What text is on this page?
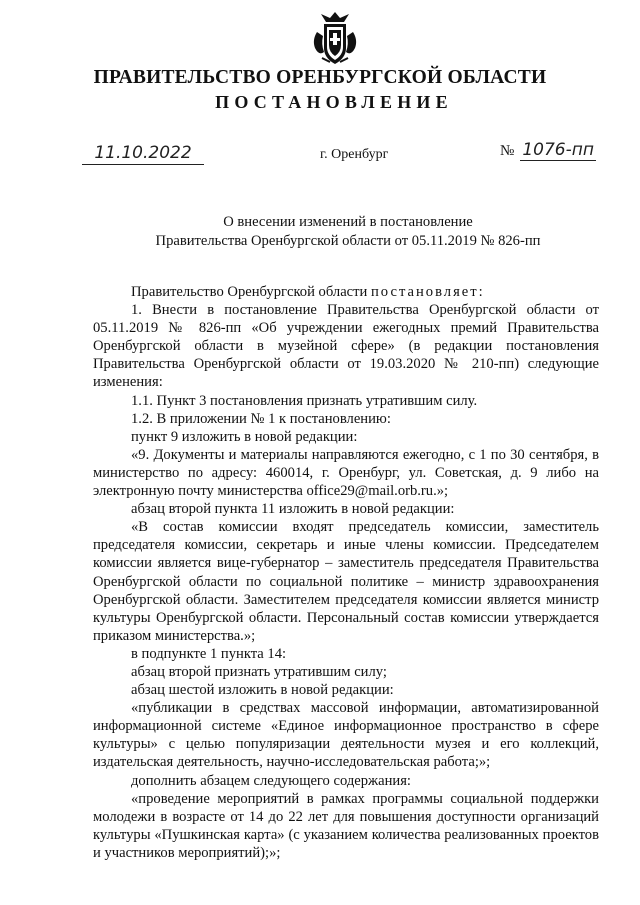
ПРАВИТЕЛЬСТВО ОРЕНБУРГСКОЙ ОБЛАСТИ
ПОСТАНОВЛЕНИЕ
11.10.2022	г. Оренбург	№ 1076-пп
О внесении изменений в постановление
Правительства Оренбургской области от 05.11.2019 № 826-пп

Правительство Оренбургской области постановляет:

1. Внести в постановление Правительства Оренбургской области от 05.11.2019 № 826-пп «Об учреждении ежегодных премий Правительства Оренбургской области в музейной сфере» (в редакции постановления Правительства Оренбургской области от 19.03.2020 № 210-пп) следующие изменения:

1.1. Пункт 3 постановления признать утратившим силу.

1.2. В приложении № 1 к постановлению:

пункт 9 изложить в новой редакции:

«9. Документы и материалы направляются ежегодно, с 1 по 30 сентября, в министерство по адресу: 460014, г. Оренбург, ул. Советская, д. 9 либо на электронную почту министерства office29@mail.orb.ru.»;

абзац второй пункта 11 изложить в новой редакции:

«В состав комиссии входят председатель комиссии, заместитель председателя комиссии, секретарь и иные члены комиссии. Председателем комиссии является вице-губернатор – заместитель председателя Правительства Оренбургской области по социальной политике – министр здравоохранения Оренбургской области. Заместителем председателя комиссии является министр культуры Оренбургской области. Персональный состав комиссии утверждается приказом министерства.»;

в подпункте 1 пункта 14:

абзац второй признать утратившим силу;

абзац шестой изложить в новой редакции:

«публикации в средствах массовой информации, автоматизированной информационной системе «Единое информационное пространство в сфере культуры» с целью популяризации деятельности музея и его коллекций, издательская деятельность, научно-исследовательская работа;»;

дополнить абзацем следующего содержания:

«проведение мероприятий в рамках программы социальной поддержки молодежи в возрасте от 14 до 22 лет для повышения доступности организаций культуры «Пушкинская карта» (с указанием количества реализованных проектов и участников мероприятий);»;
